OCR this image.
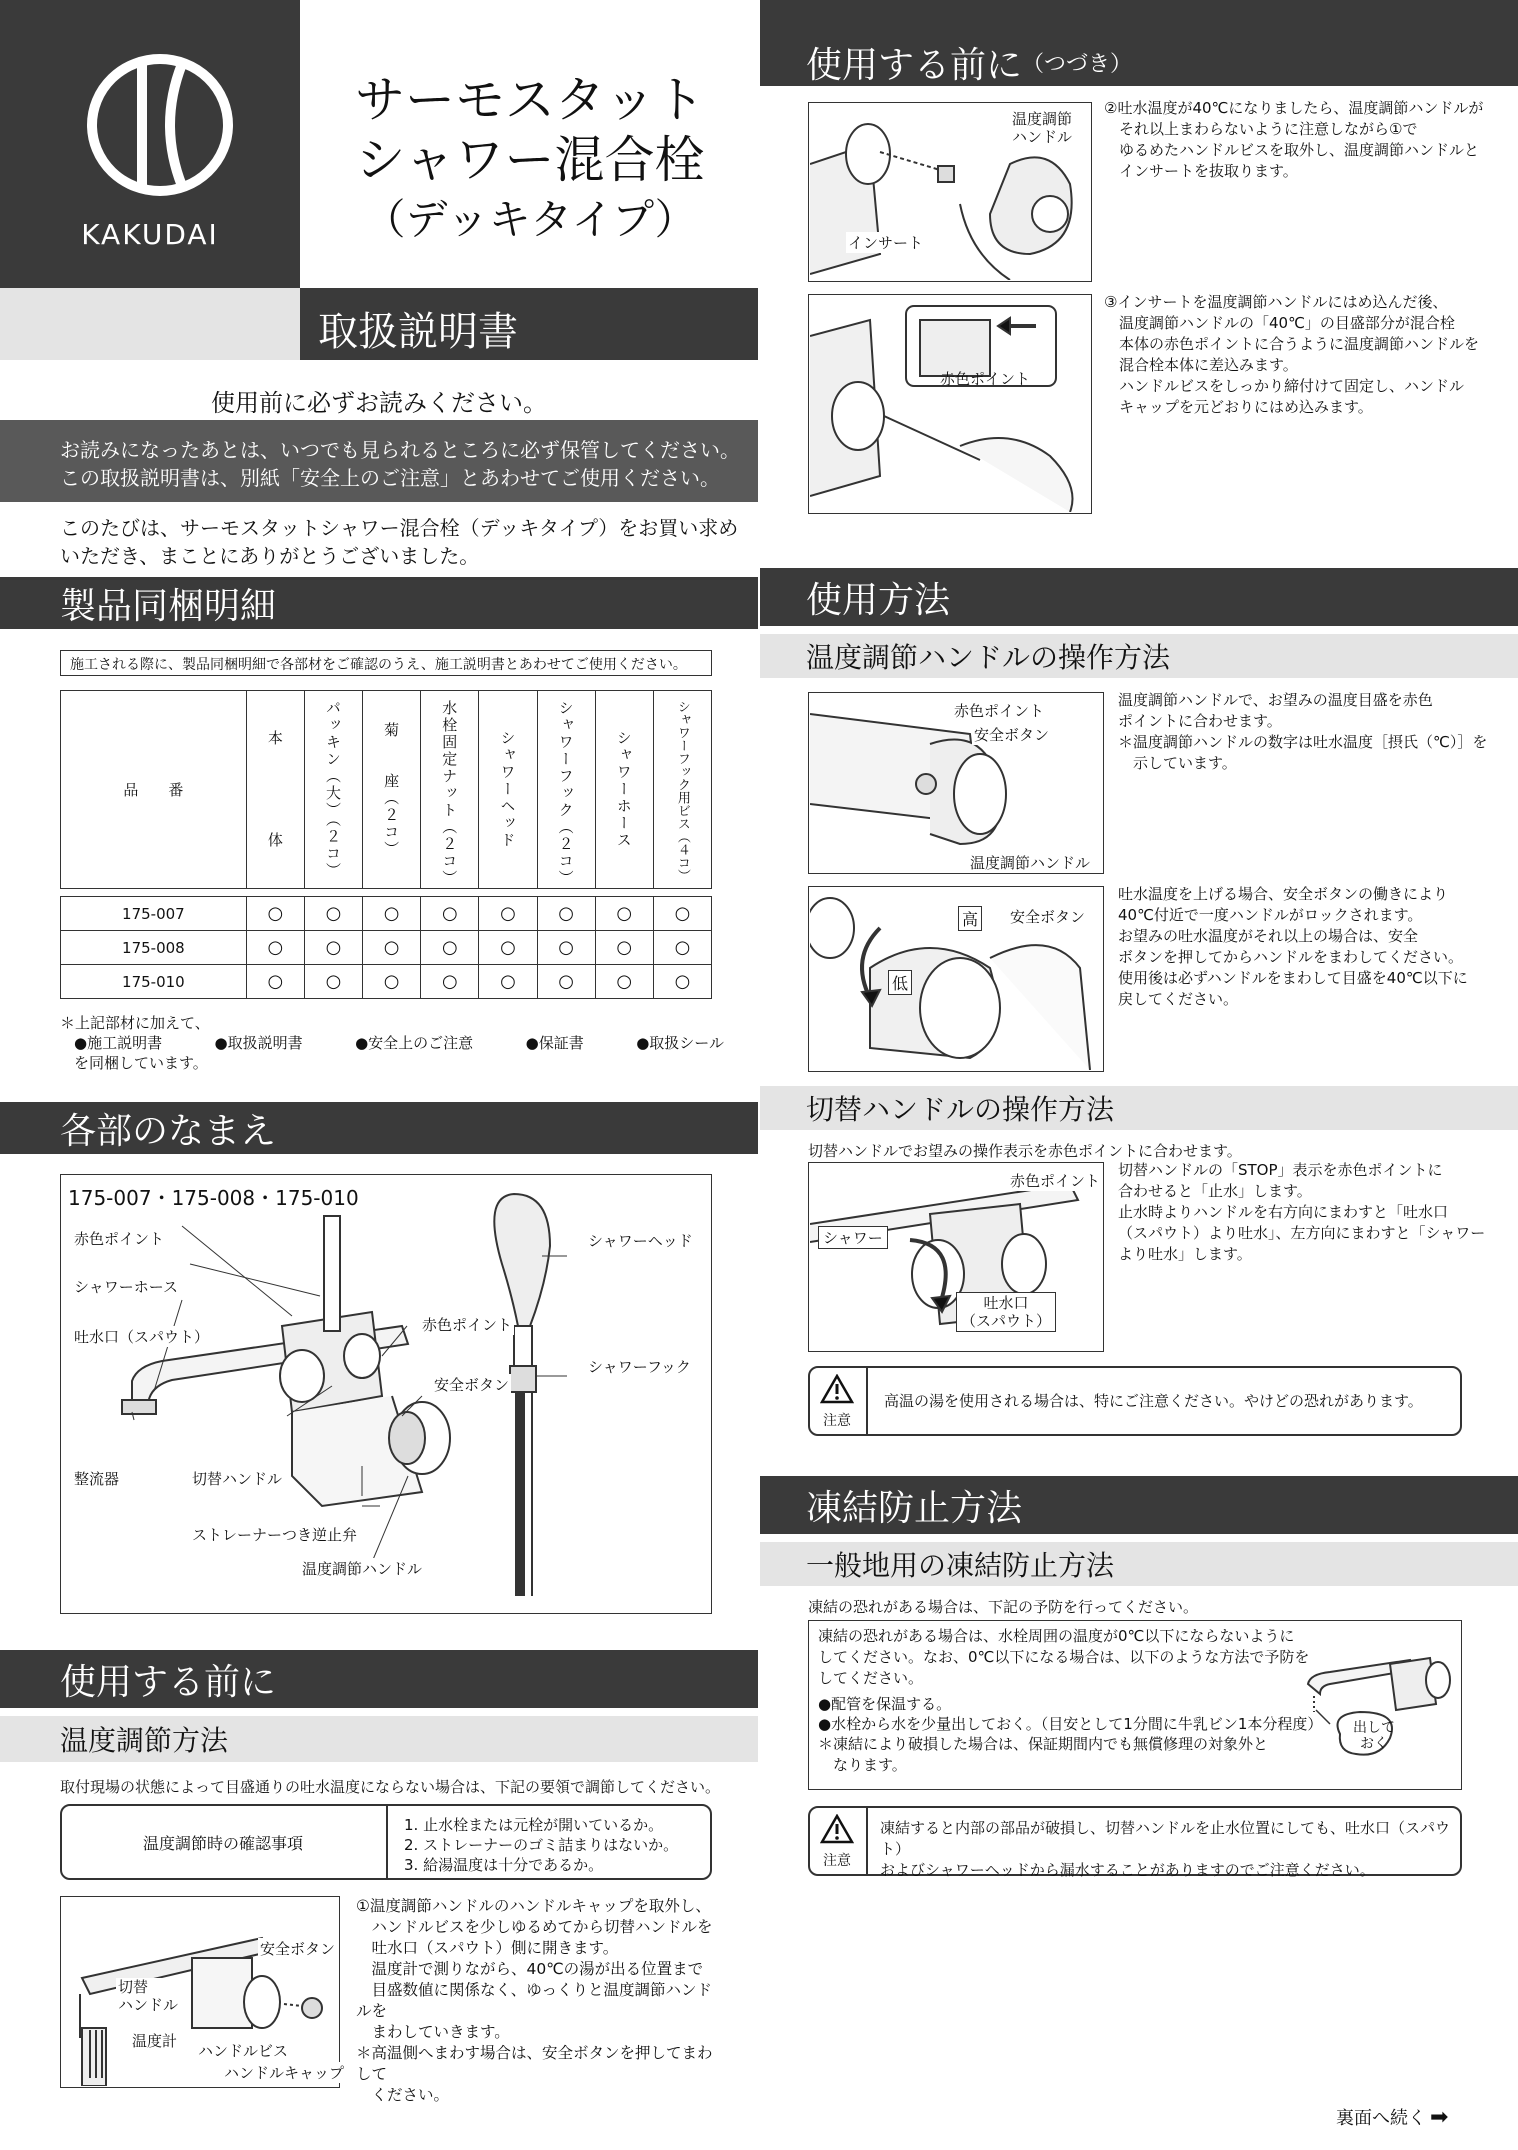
KAKUDAI
サーモスタット
シャワー混合栓
（デッキタイプ）
取扱説明書
使用前に必ずお読みください。
お読みになったあとは、いつでも見られるところに必ず保管してください。
この取扱説明書は、別紙「安全上のご注意」とあわせてご使用ください。
このたびは、サーモスタットシャワー混合栓（デッキタイプ）をお買い求め
いただき、まことにありがとうございました。
製品同梱明細
施工される際に、製品同梱明細で各部材をご確認のうえ、施工説明書とあわせてご使用ください。
品　　番	本　　　　　体	パッキン（大）（２コ）	菊　　座（２コ）	水栓固定ナット（２コ）	シャワーヘッド	シャワーフック（２コ）	シャワーホース	シャワーフック用ビス（４コ）

175-007	○	○	○	○	○	○	○	○
175-008	○	○	○	○	○	○	○	○
175-010	○	○	○	○	○	○	○	○
＊上記部材に加えて、
●施工説明書	●取扱説明書	●安全上のご注意	●保証書	●取扱シール
を同梱しています。
各部のなまえ
175-007・175-008・175-010
赤色ポイント
シャワーホース
吐水口（スパウト）
整流器	切替ハンドル
赤色ポイント
安全ボタン
ストレーナーつき逆止弁
温度調節ハンドル
シャワーヘッド
シャワーフック
使用する前に
温度調節方法
取付現場の状態によって目盛通りの吐水温度にならない場合は、下記の要領で調節してください。
温度調節時の確認事項
1. 止水栓または元栓が開いているか。
2. ストレーナーのゴミ詰まりはないか。
3. 給湯温度は十分であるか。
安全ボタン
切替
ハンドル
温度計
ハンドルビス
ハンドルキャップ
①温度調節ハンドルのハンドルキャップを取外し、
　ハンドルビスを少しゆるめてから切替ハンドルを
　吐水口（スパウト）側に開きます。
　温度計で測りながら、40℃の湯が出る位置まで
　目盛数値に関係なく、ゆっくりと温度調節ハンドルを
　まわしていきます。
＊高温側へまわす場合は、安全ボタンを押してまわして
　ください。
使用する前に （つづき）
温度調節
ハンドル
インサート
②吐水温度が40℃になりましたら、温度調節ハンドルが
　それ以上まわらないように注意しながら①で
　ゆるめたハンドルビスを取外し、温度調節ハンドルと
　インサートを抜取ります。
赤色ポイント
③インサートを温度調節ハンドルにはめ込んだ後、
　温度調節ハンドルの「40℃」の目盛部分が混合栓
　本体の赤色ポイントに合うように温度調節ハンドルを
　混合栓本体に差込みます。
　ハンドルビスをしっかり締付けて固定し、ハンドル
　キャップを元どおりにはめ込みます。
使用方法
温度調節ハンドルの操作方法
赤色ポイント
安全ボタン
温度調節ハンドル
温度調節ハンドルで、お望みの温度目盛を赤色
ポイントに合わせます。
＊温度調節ハンドルの数字は吐水温度［摂氏（℃）］を
　示しています。
高
低
安全ボタン
吐水温度を上げる場合、安全ボタンの働きにより
40℃付近で一度ハンドルがロックされます。
お望みの吐水温度がそれ以上の場合は、安全
ボタンを押してからハンドルをまわしてください。
使用後は必ずハンドルをまわして目盛を40℃以下に
戻してください。
切替ハンドルの操作方法
切替ハンドルでお望みの操作表示を赤色ポイントに合わせます。
赤色ポイント
シャワー
吐水口
（スパウト）
切替ハンドルの「STOP」表示を赤色ポイントに
合わせると「止水」します。
止水時よりハンドルを右方向にまわすと「吐水口
（スパウト）より吐水」、左方向にまわすと「シャワー
より吐水」します。
注意
高温の湯を使用される場合は、特にご注意ください。やけどの恐れがあります。
凍結防止方法
一般地用の凍結防止方法
凍結の恐れがある場合は、下記の予防を行ってください。
凍結の恐れがある場合は、水栓周囲の温度が0℃以下にならないように
してください。なお、0℃以下になる場合は、以下のような方法で予防を
してください。
●配管を保温する。
●水栓から水を少量出しておく。（目安として1分間に牛乳ビン1本分程度）
＊凍結により破損した場合は、保証期間内でも無償修理の対象外と
　なります。
出して
おく
注意
凍結すると内部の部品が破損し、切替ハンドルを止水位置にしても、吐水口（スパウト）
およびシャワーヘッドから漏水することがありますのでご注意ください。
裏面へ続く ➡
